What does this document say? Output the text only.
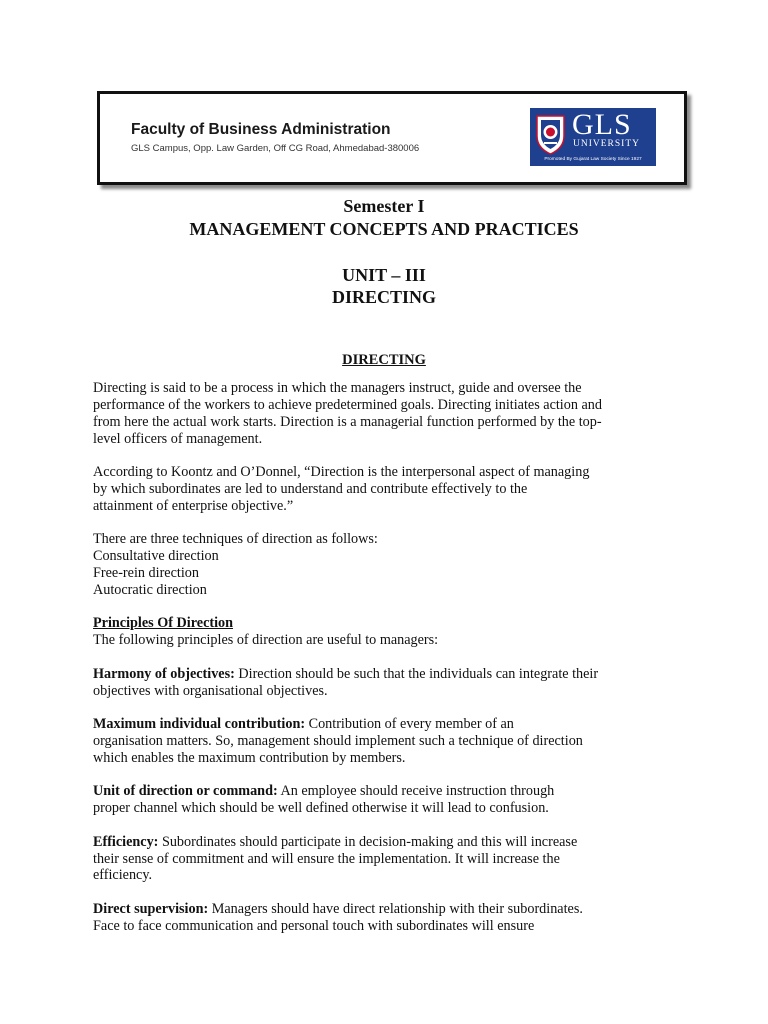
Faculty of Business Administration
GLS Campus, Opp. Law Garden, Off CG Road, Ahmedabad-380006
GLS
UNIVERSITY
Promoted By Gujarat Law Society Since 1927
Semester I
MANAGEMENT CONCEPTS AND PRACTICES
UNIT – III
DIRECTING
DIRECTING
Directing is said to be a process in which the managers instruct, guide and oversee the
performance of the workers to achieve predetermined goals. Directing initiates action and
from here the actual work starts. Direction is a managerial function performed by the top-
level officers of management.
According to Koontz and O’Donnel, “Direction is the interpersonal aspect of managing
by which subordinates are led to understand and contribute effectively to the
attainment of enterprise objective.”
There are three techniques of direction as follows:
Consultative direction
Free-rein direction
Autocratic direction
Principles Of Direction
The following principles of direction are useful to managers:
Harmony of objectives: Direction should be such that the individuals can integrate their
objectives with organisational objectives.
Maximum individual contribution: Contribution of every member of an
organisation matters. So, management should implement such a technique of direction
which enables the maximum contribution by members.
Unit of direction or command: An employee should receive instruction through
proper channel which should be well defined otherwise it will lead to confusion.
Efficiency: Subordinates should participate in decision-making and this will increase
their sense of commitment and will ensure the implementation. It will increase the
efficiency.
Direct supervision: Managers should have direct relationship with their subordinates.
Face to face communication and personal touch with subordinates will ensure
